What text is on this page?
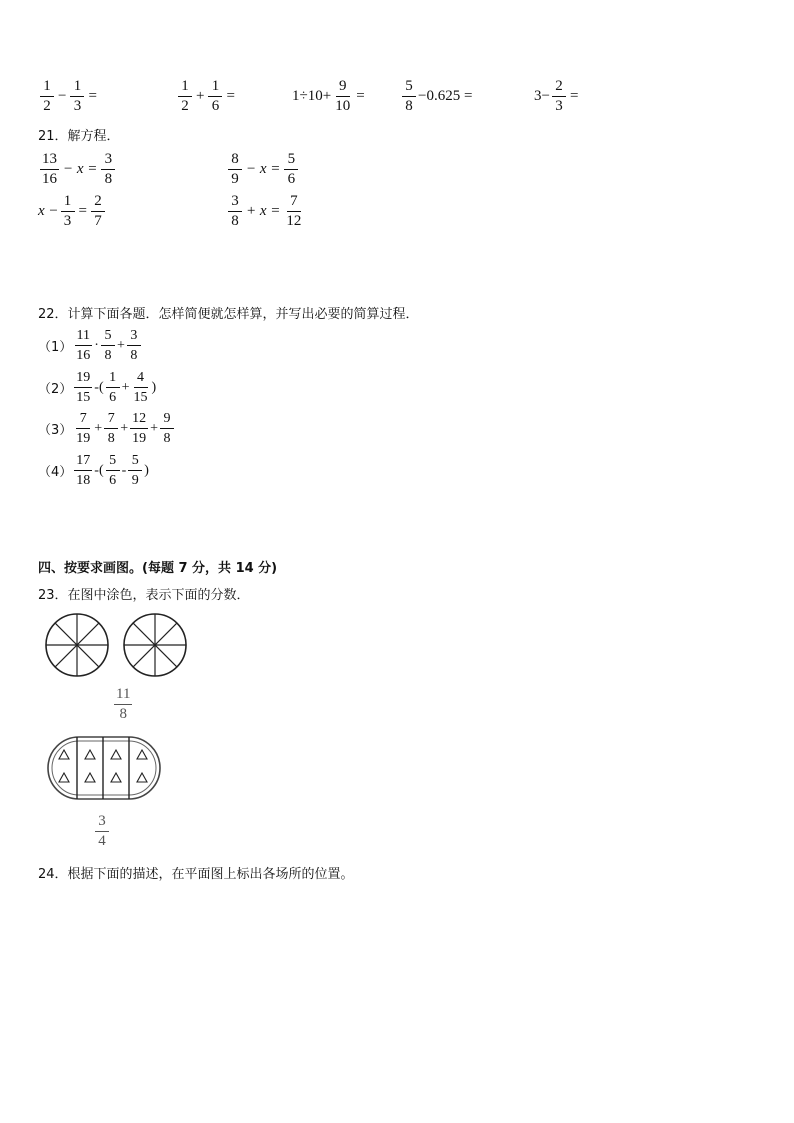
$\frac{1}{2} - \frac{1}{3}$ =	$\frac{1}{2} + \frac{1}{6}$ =	$1\div 10+ \frac{9}{10} = \frac{5}{8} -0.625$ =	$3- \frac{2}{3}$ =
21．解方程．
$\frac{13}{16} - x = \frac{3}{8}$	$\frac{8}{9} - x = \frac{5}{6}$
$x - \frac{1}{3} = \frac{2}{7}$	$\frac{3}{8} + x = \frac{7}{12}$
22．计算下面各题．怎样简便就怎样算，并写出必要的简算过程．
$(1) \frac{11}{16} \cdot \frac{5}{8} + \frac{3}{8}$
$(2) \frac{19}{15}$ -( $\frac{1}{6} + \frac{4}{15}$ )
$(3) \frac{7}{19} + \frac{7}{8} + \frac{12}{19} + \frac{9}{8}$
$(4) \frac{17}{18}$ -( $\frac{5}{6} - \frac{5}{9}$ )
四、按要求画图。(每题 7 分，共 14 分)
23．在图中涂色，表示下面的分数．
$\frac{11}{8}$
$\frac{3}{4}$
24．根据下面的描述，在平面图上标出各场所的位置。
